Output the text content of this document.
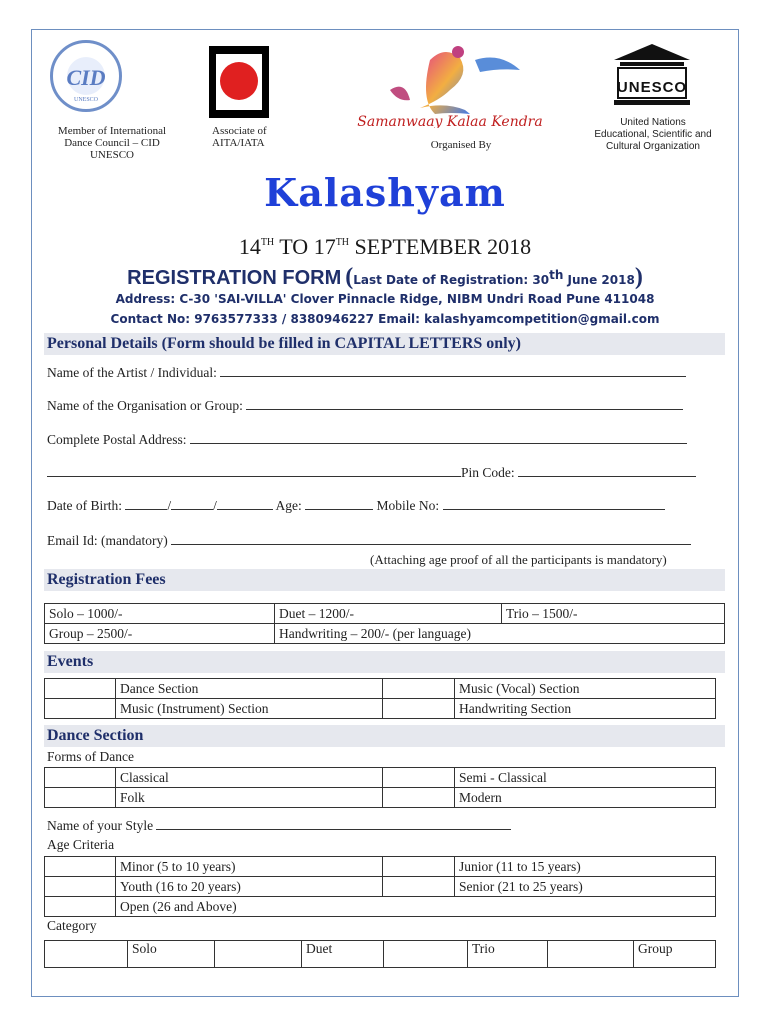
CID
UNESCO
Member of International
Dance Council – CID
UNESCO
Associate of
AITA/IATA
Samanwaay Kalaa Kendra
Organised By
UNESCO
United Nations
Educational, Scientific and
Cultural Organization
Kalashyam
14TH TO 17TH SEPTEMBER 2018
REGISTRATION FORM (Last Date of Registration: 30th June 2018)
Address: C-30 'SAI-VILLA' Clover Pinnacle Ridge, NIBM Undri Road Pune 411048
Contact No: 9763577333 / 8380946227 Email: kalashyamcompetition@gmail.com
Personal Details (Form should be filled in CAPITAL LETTERS only)
Name of the Artist / Individual:
Name of the Organisation or Group:
Complete Postal Address:
Pin Code:
Date of Birth:	/	/	Age:	Mobile No:
Email Id: (mandatory)
(Attaching age proof of all the participants is mandatory)
Registration Fees
Solo – 1000/-	Duet – 1200/-	Trio – 1500/-
Group – 2500/-	Handwriting – 200/- (per language)	
Events
	Dance Section		Music (Vocal) Section
	Music (Instrument) Section		Handwriting Section
Dance Section
Forms of Dance
	Classical		Semi - Classical
	Folk		Modern
Name of your Style
Age Criteria
	Minor (5 to 10 years)		Junior (11 to 15 years)
	Youth (16 to 20 years)		Senior (21 to 25 years)
	Open (26 and Above)		
Category
	Solo		Duet		Trio		Group
